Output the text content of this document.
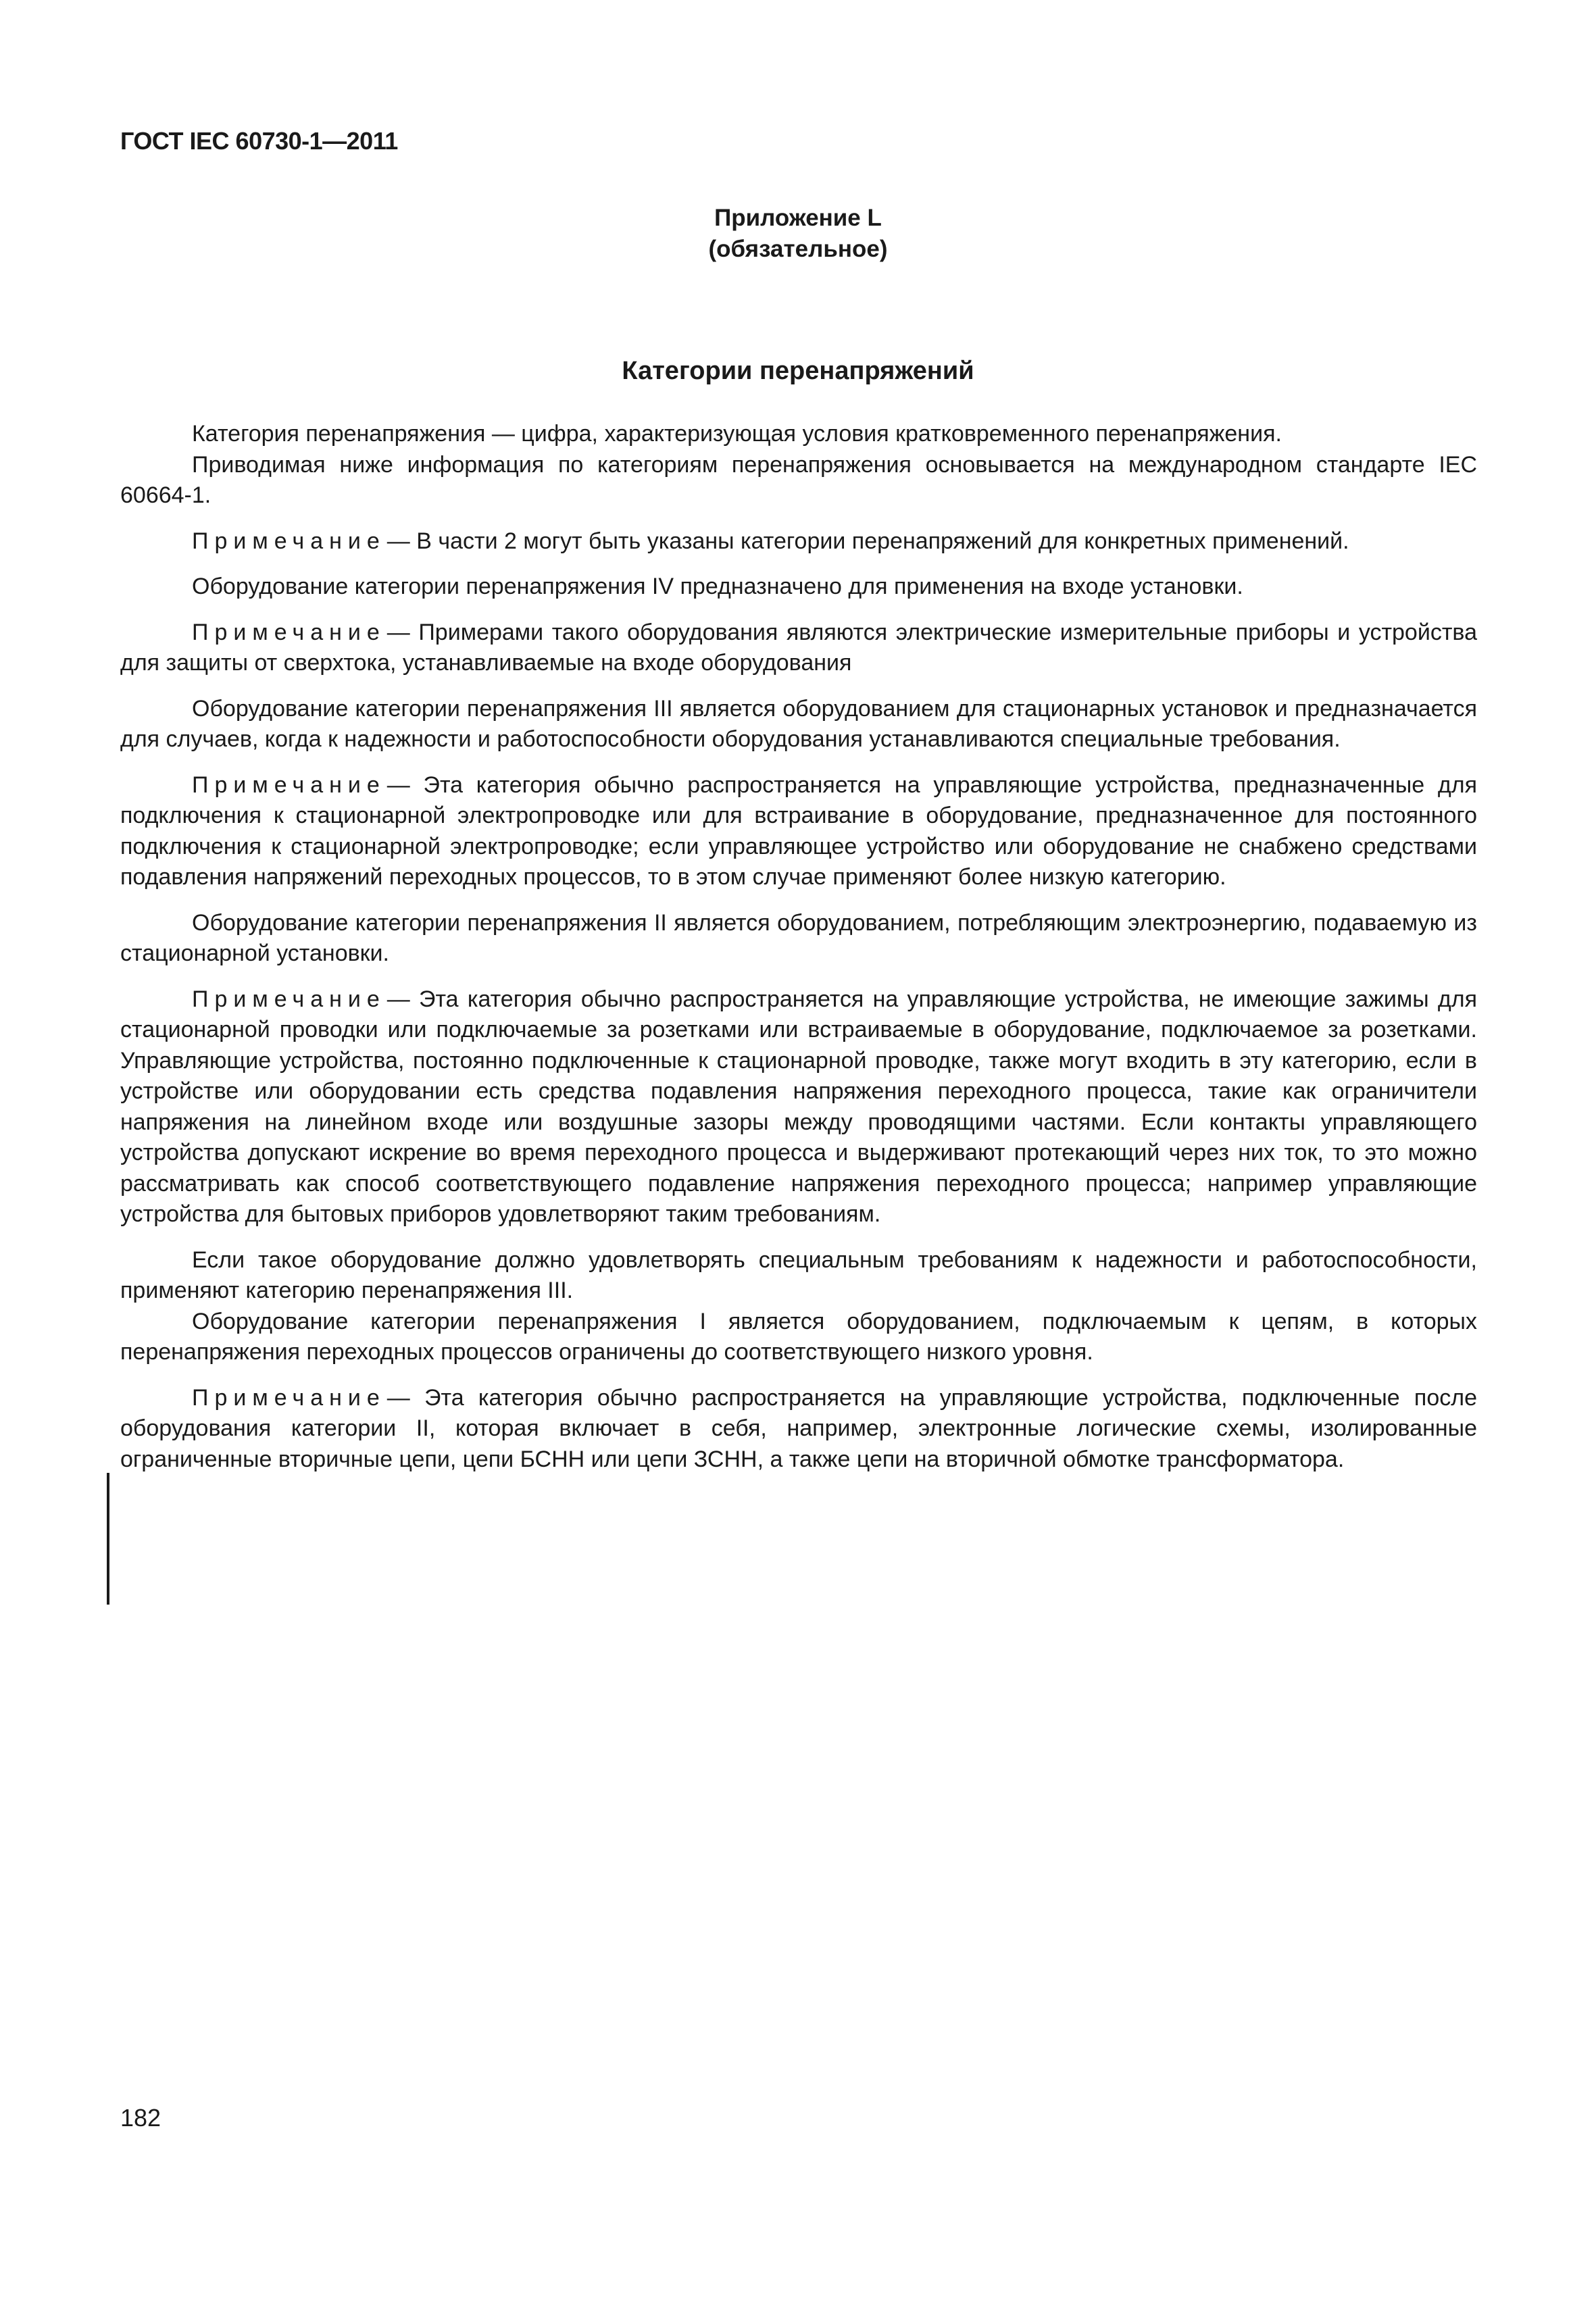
ГОСТ IEC 60730-1—2011
Приложение L
(обязательное)
Категории перенапряжений

Категория перенапряжения — цифра, характеризующая условия кратковременного перенапряжения.

Приводимая ниже информация по категориям перенапряжения основывается на международном стандарте IEC 60664-1.

Примечание— В части 2 могут быть указаны категории перенапряжений для конкретных применений.

Оборудование категории перенапряжения IV предназначено для применения на входе установки.

Примечание— Примерами такого оборудования являются электрические измерительные приборы и устройства для защиты от сверхтока, устанавливаемые на входе оборудования

Оборудование категории перенапряжения III является оборудованием для стационарных установок и предназначается для случаев, когда к надежности и работоспособности оборудования устанавливаются специальные требования.

Примечание— Эта категория обычно распространяется на управляющие устройства, предназначенные для подключения к стационарной электропроводке или для встраивание в оборудование, предназначенное для постоянного подключения к стационарной электропроводке; если управляющее устройство или оборудование не снабжено средствами подавления напряжений переходных процессов, то в этом случае применяют более низкую категорию.

Оборудование категории перенапряжения II является оборудованием, потребляющим электроэнергию, подаваемую из стационарной установки.

Примечание— Эта категория обычно распространяется на управляющие устройства, не имеющие зажимы для стационарной проводки или подключаемые за розетками или встраиваемые в оборудование, подключаемое за розетками. Управляющие устройства, постоянно подключенные к стационарной проводке, также могут входить в эту категорию, если в устройстве или оборудовании есть средства подавления напряжения переходного процесса, такие как ограничители напряжения на линейном входе или воздушные зазоры между проводящими частями. Если контакты управляющего устройства допускают искрение во время переходного процесса и выдерживают протекающий через них ток, то это можно рассматривать как способ соответствующего подавление напряжения переходного процесса; например управляющие устройства для бытовых приборов удовлетворяют таким требованиям.

Если такое оборудование должно удовлетворять специальным требованиям к надежности и работоспособности, применяют категорию перенапряжения III.

Оборудование категории перенапряжения I является оборудованием, подключаемым к цепям, в которых перенапряжения переходных процессов ограничены до соответствующего низкого уровня.

Примечание— Эта категория обычно распространяется на управляющие устройства, подключенные после оборудования категории II, которая включает в себя, например, электронные логические схемы, изолированные ограниченные вторичные цепи, цепи БСНН или цепи ЗСНН, а также цепи на вторичной обмотке трансформатора.

182
